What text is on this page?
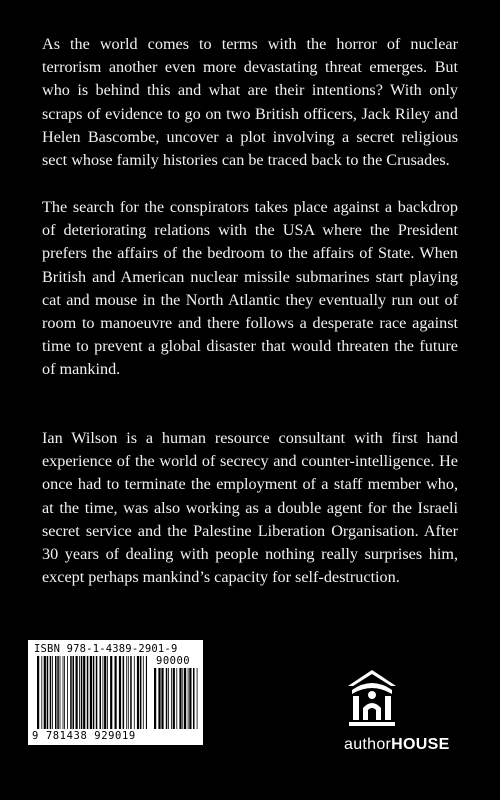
As the world comes to terms with the horror of nuclear terrorism another even more devastating threat emerges. But who is behind this and what are their intentions? With only scraps of evidence to go on two British officers, Jack Riley and Helen Bascombe, uncover a plot involving a secret religious sect whose family histories can be traced back to the Crusades.

The search for the conspirators takes place against a backdrop of deteriorating relations with the USA where the President prefers the affairs of the bedroom to the affairs of State. When British and American nuclear missile submarines start playing cat and mouse in the North Atlantic they eventually run out of room to manoeuvre and there follows a desperate race against time to prevent a global disaster that would threaten the future of mankind.

Ian Wilson is a human resource consultant with first hand experience of the world of secrecy and counter-intelligence. He once had to terminate the employment of a staff member who, at the time, was also working as a double agent for the Israeli secret service and the Palestine Liberation Organisation. After 30 years of dealing with people nothing really surprises him, except perhaps mankind’s capacity for self-destruction.

ISBN 978-1-4389-2901-9
90000
9 781438 929019	authorHOUSE
